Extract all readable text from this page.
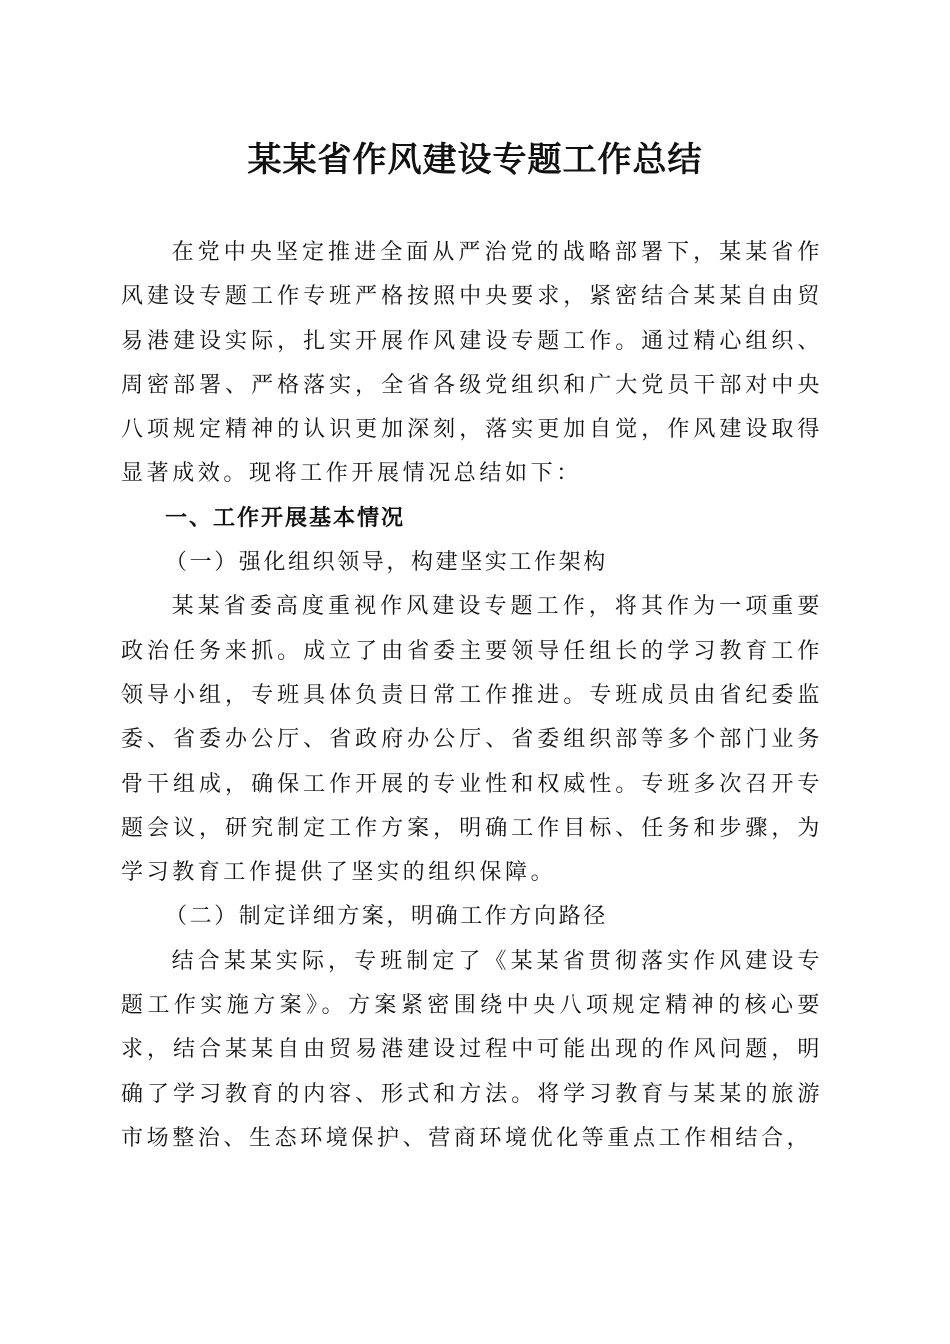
某某省作风建设专题工作总结

在党中央坚定推进全面从严治党的战略部署下，某某省作风建设专题工作专班严格按照中央要求，紧密结合某某自由贸易港建设实际，扎实开展作风建设专题工作。通过精心组织、周密部署、严格落实，全省各级党组织和广大党员干部对中央八项规定精神的认识更加深刻，落实更加自觉，作风建设取得显著成效。现将工作开展情况总结如下：

一、工作开展基本情况

（一）强化组织领导，构建坚实工作架构

某某省委高度重视作风建设专题工作，将其作为一项重要政治任务来抓。成立了由省委主要领导任组长的学习教育工作领导小组，专班具体负责日常工作推进。专班成员由省纪委监委、省委办公厅、省政府办公厅、省委组织部等多个部门业务骨干组成，确保工作开展的专业性和权威性。专班多次召开专题会议，研究制定工作方案，明确工作目标、任务和步骤，为学习教育工作提供了坚实的组织保障。

（二）制定详细方案，明确工作方向路径

结合某某实际，专班制定了《某某省贯彻落实作风建设专题工作实施方案》。方案紧密围绕中央八项规定精神的核心要求，结合某某自由贸易港建设过程中可能出现的作风问题，明确了学习教育的内容、形式和方法。将学习教育与某某的旅游市场整治、生态环境保护、营商环境优化等重点工作相结合，
